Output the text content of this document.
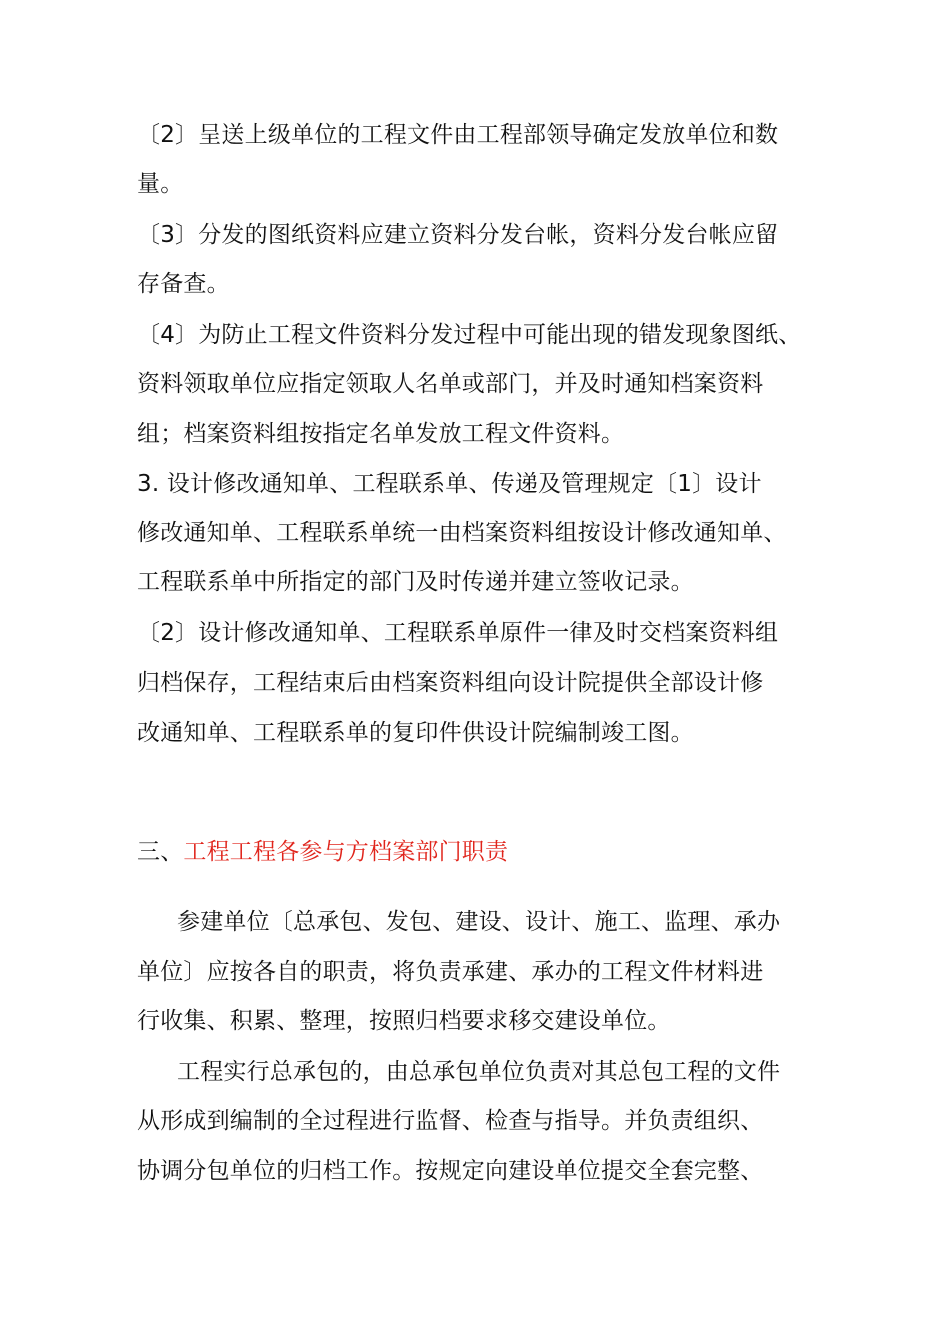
〔2〕呈送上级单位的工程文件由工程部领导确定发放单位和数
量。
〔3〕分发的图纸资料应建立资料分发台帐，资料分发台帐应留
存备查。
〔4〕为防止工程文件资料分发过程中可能出现的错发现象图纸、
资料领取单位应指定领取人名单或部门，并及时通知档案资料
组；档案资料组按指定名单发放工程文件资料。
3. 设计修改通知单、工程联系单、传递及管理规定〔1〕设计
修改通知单、工程联系单统一由档案资料组按设计修改通知单、
工程联系单中所指定的部门及时传递并建立签收记录。
〔2〕设计修改通知单、工程联系单原件一律及时交档案资料组
归档保存，工程结束后由档案资料组向设计院提供全部设计修
改通知单、工程联系单的复印件供设计院编制竣工图。
三、工程工程各参与方档案部门职责
参建单位〔总承包、发包、建设、设计、施工、监理、承办
单位〕应按各自的职责，将负责承建、承办的工程文件材料进
行收集、积累、整理，按照归档要求移交建设单位。
工程实行总承包的，由总承包单位负责对其总包工程的文件
从形成到编制的全过程进行监督、检查与指导。并负责组织、
协调分包单位的归档工作。按规定向建设单位提交全套完整、
